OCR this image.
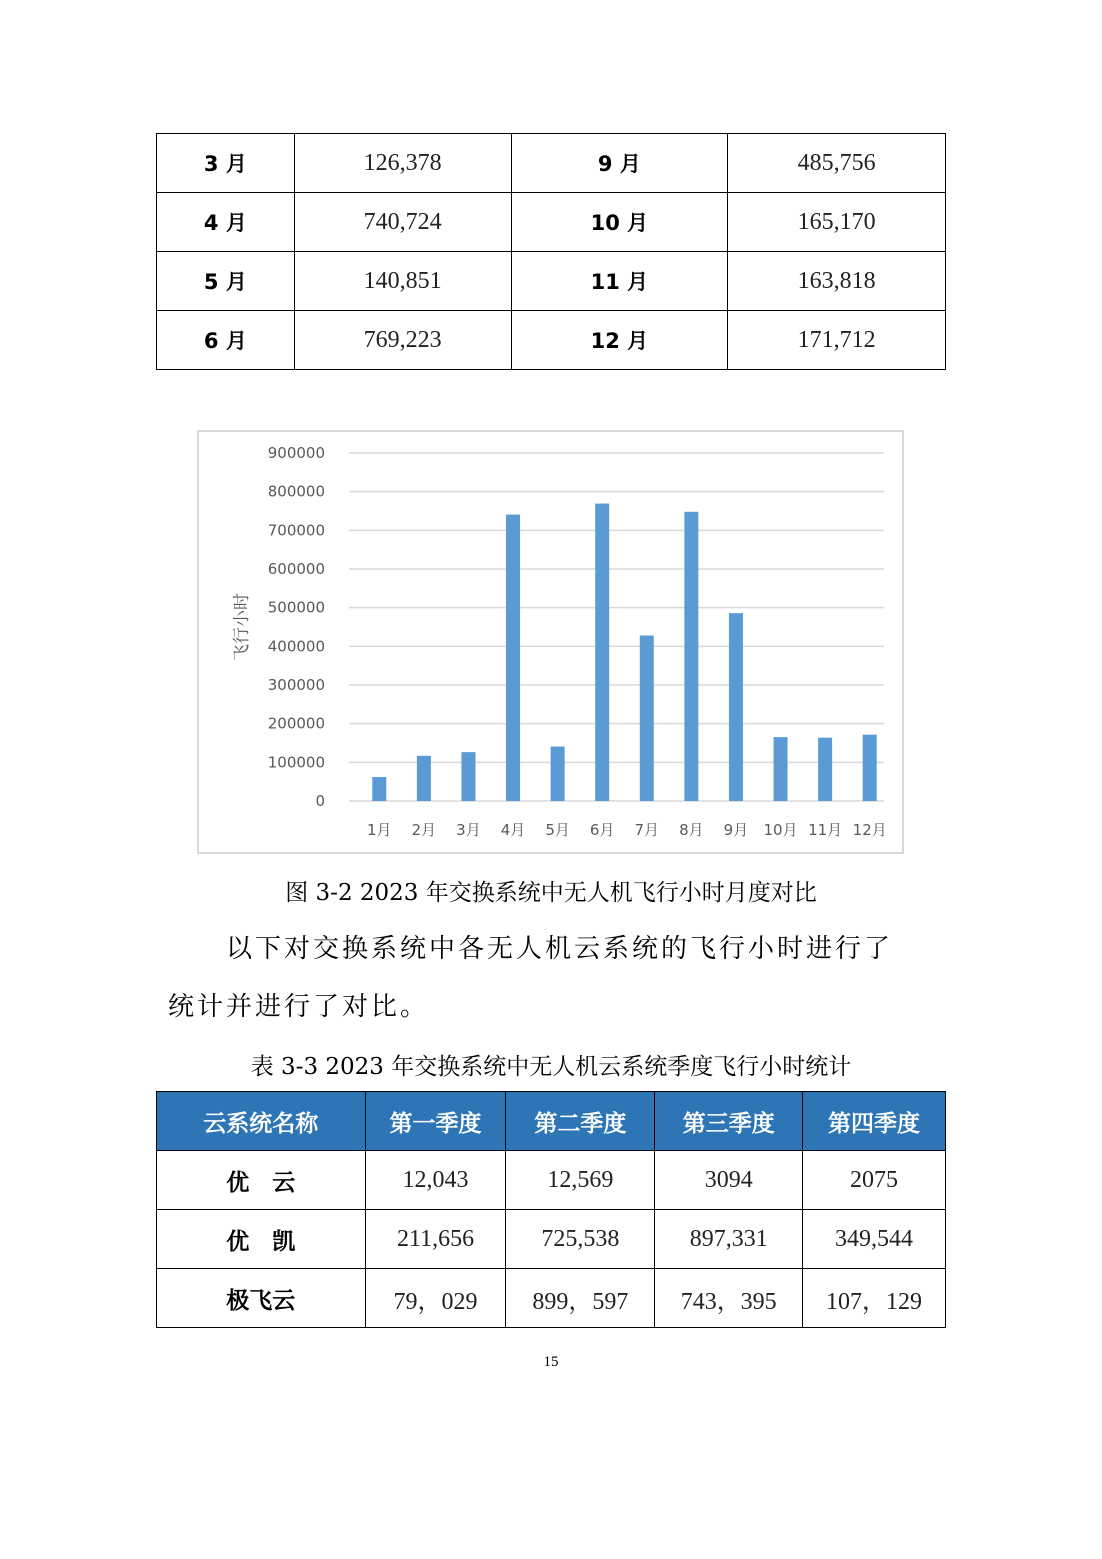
3 月	126,378	9 月	485,756
4 月	740,724	10 月	165,170
5 月	140,851	11 月	163,818
6 月	769,223	12 月	171,712
0
100000
200000
300000
400000
500000
600000
700000
800000
900000
1月 2月 3月 4月 5月 6月 7月 8月 9月 10月 11月 12月
飞行小时
图 3-2 2023 年交换系统中无人机飞行小时月度对比
以下对交换系统中各无人机云系统的飞行小时进行了
统计并进行了对比。
表 3-3 2023 年交换系统中无人机云系统季度飞行小时统计
云系统名称	第一季度	第二季度	第三季度	第四季度
优　云	12,043	12,569	3094	2075
优　凯	211,656	725,538	897,331	349,544
极飞云	79，029	899，597	743，395	107，129
15
